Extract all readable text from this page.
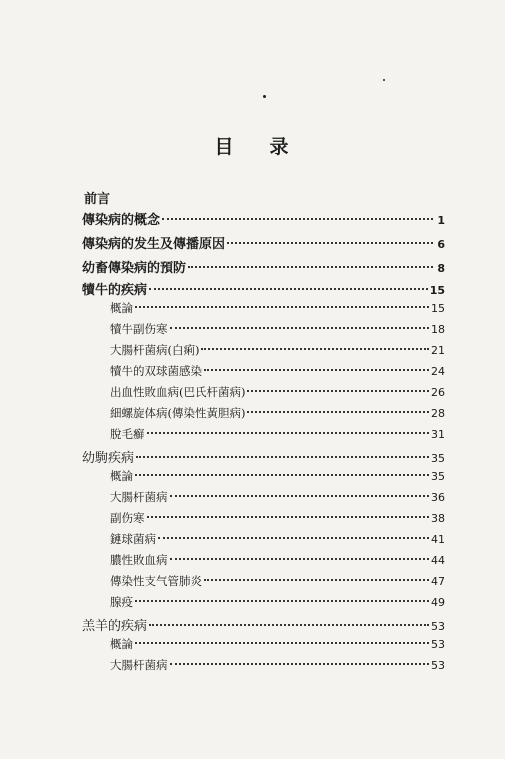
目 录
前言
傳染病的概念	1
傳染病的发生及傳播原因	6
幼畜傳染病的預防	8
犢牛的疾病	15
概論	15
犢牛副伤寒	18
大腸杆菌病(白痢)	21
犢牛的双球菌感染	24
出血性敗血病(巴氏杆菌病)	26
細螺旋体病(傳染性黃胆病)	28
脫毛癬	31
幼駒疾病	35
概論	35
大腸杆菌病	36
副伤寒	38
鏈球菌病	41
膿性敗血病	44
傳染性支气管肺炎	47
腺疫	49
羔羊的疾病	53
概論	53
大腸杆菌病	53
